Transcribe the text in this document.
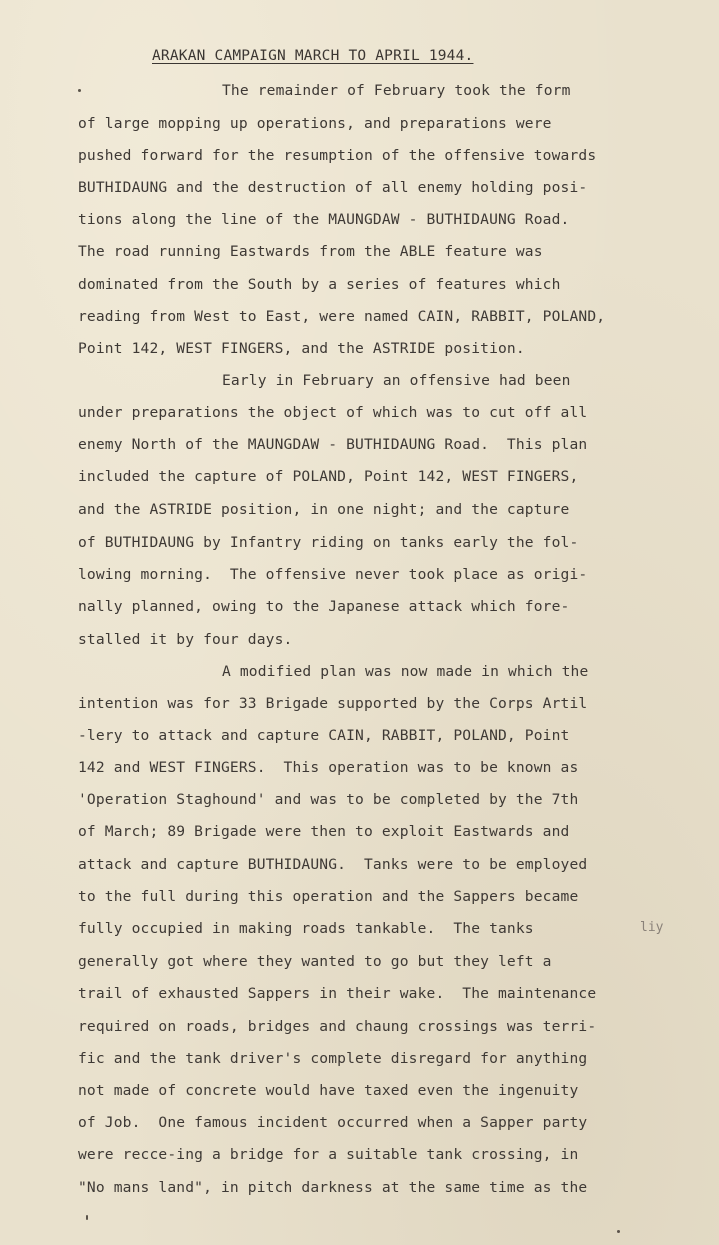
ARAKAN CAMPAIGN MARCH TO APRIL 1944.
The remainder of February took the form
of large mopping up operations, and preparations were
pushed forward for the resumption of the offensive towards
BUTHIDAUNG and the destruction of all enemy holding posi-
tions along the line of the MAUNGDAW - BUTHIDAUNG Road.
The road running Eastwards from the ABLE feature was
dominated from the South by a series of features which
reading from West to East, were named CAIN, RABBIT, POLAND,
Point 142, WEST FINGERS, and the ASTRIDE position.
Early in February an offensive had been
under preparations the object of which was to cut off all
enemy North of the MAUNGDAW - BUTHIDAUNG Road.  This plan
included the capture of POLAND, Point 142, WEST FINGERS,
and the ASTRIDE position, in one night; and the capture
of BUTHIDAUNG by Infantry riding on tanks early the fol-
lowing morning.  The offensive never took place as origi-
nally planned, owing to the Japanese attack which fore-
stalled it by four days.
A modified plan was now made in which the
intention was for 33 Brigade supported by the Corps Artil
-lery to attack and capture CAIN, RABBIT, POLAND, Point
142 and WEST FINGERS.  This operation was to be known as
'Operation Staghound' and was to be completed by the 7th
of March; 89 Brigade were then to exploit Eastwards and
attack and capture BUTHIDAUNG.  Tanks were to be employed
to the full during this operation and the Sappers became
fully occupied in making roads tankable.  The tanks
generally got where they wanted to go but they left a
trail of exhausted Sappers in their wake.  The maintenance
required on roads, bridges and chaung crossings was terri-
fic and the tank driver's complete disregard for anything
not made of concrete would have taxed even the ingenuity
of Job.  One famous incident occurred when a Sapper party
were recce-ing a bridge for a suitable tank crossing, in
"No mans land", in pitch darkness at the same time as the
liy
